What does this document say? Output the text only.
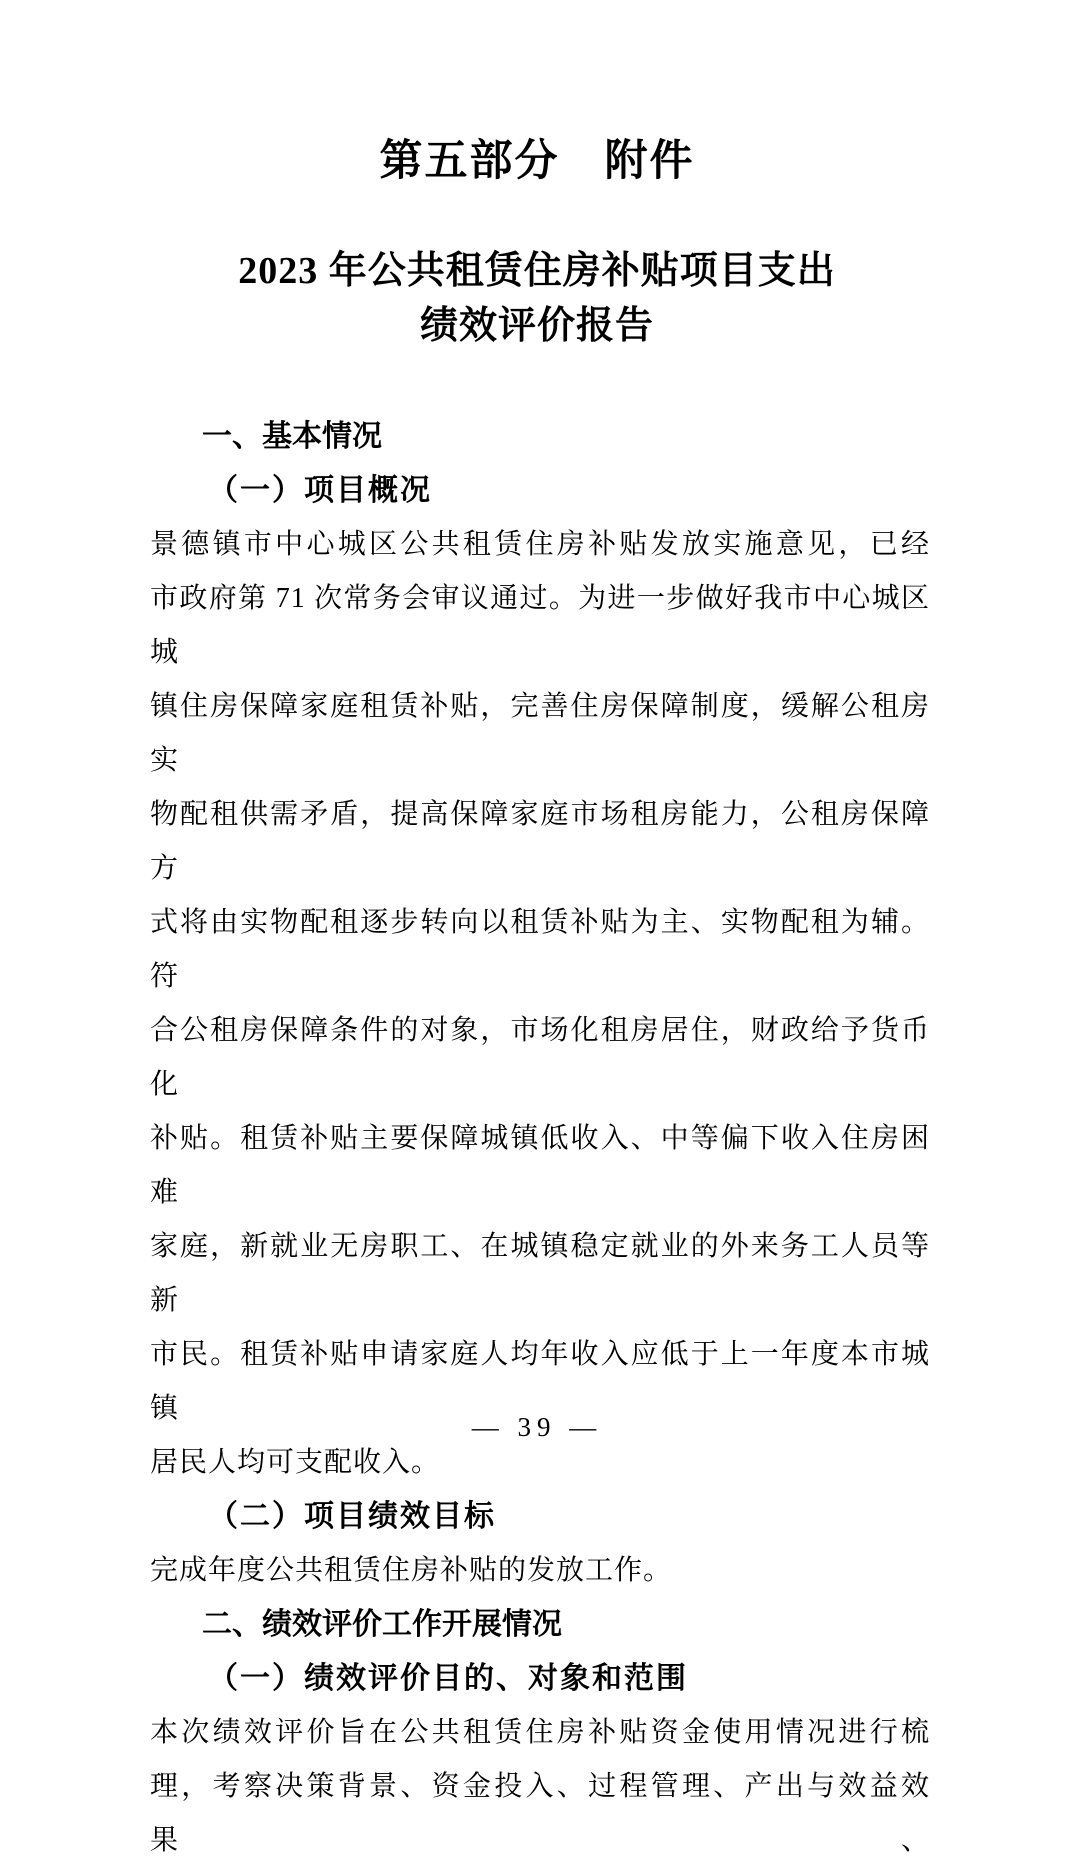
第五部分　附件
2023 年公共租赁住房补贴项目支出
绩效评价报告
一、基本情况
（一）项目概况
景德镇市中心城区公共租赁住房补贴发放实施意见，已经
市政府第 71 次常务会审议通过。为进一步做好我市中心城区城
镇住房保障家庭租赁补贴，完善住房保障制度，缓解公租房实
物配租供需矛盾，提高保障家庭市场租房能力，公租房保障方
式将由实物配租逐步转向以租赁补贴为主、实物配租为辅。符
合公租房保障条件的对象，市场化租房居住，财政给予货币化
补贴。租赁补贴主要保障城镇低收入、中等偏下收入住房困难
家庭，新就业无房职工、在城镇稳定就业的外来务工人员等新
市民。租赁补贴申请家庭人均年收入应低于上一年度本市城镇
居民人均可支配收入。
（二）项目绩效目标
完成年度公共租赁住房补贴的发放工作。
二、绩效评价工作开展情况
（一）绩效评价目的、对象和范围
本次绩效评价旨在公共租赁住房补贴资金使用情况进行梳
理，考察决策背景、资金投入、过程管理、产出与效益效果、
— 39 —
